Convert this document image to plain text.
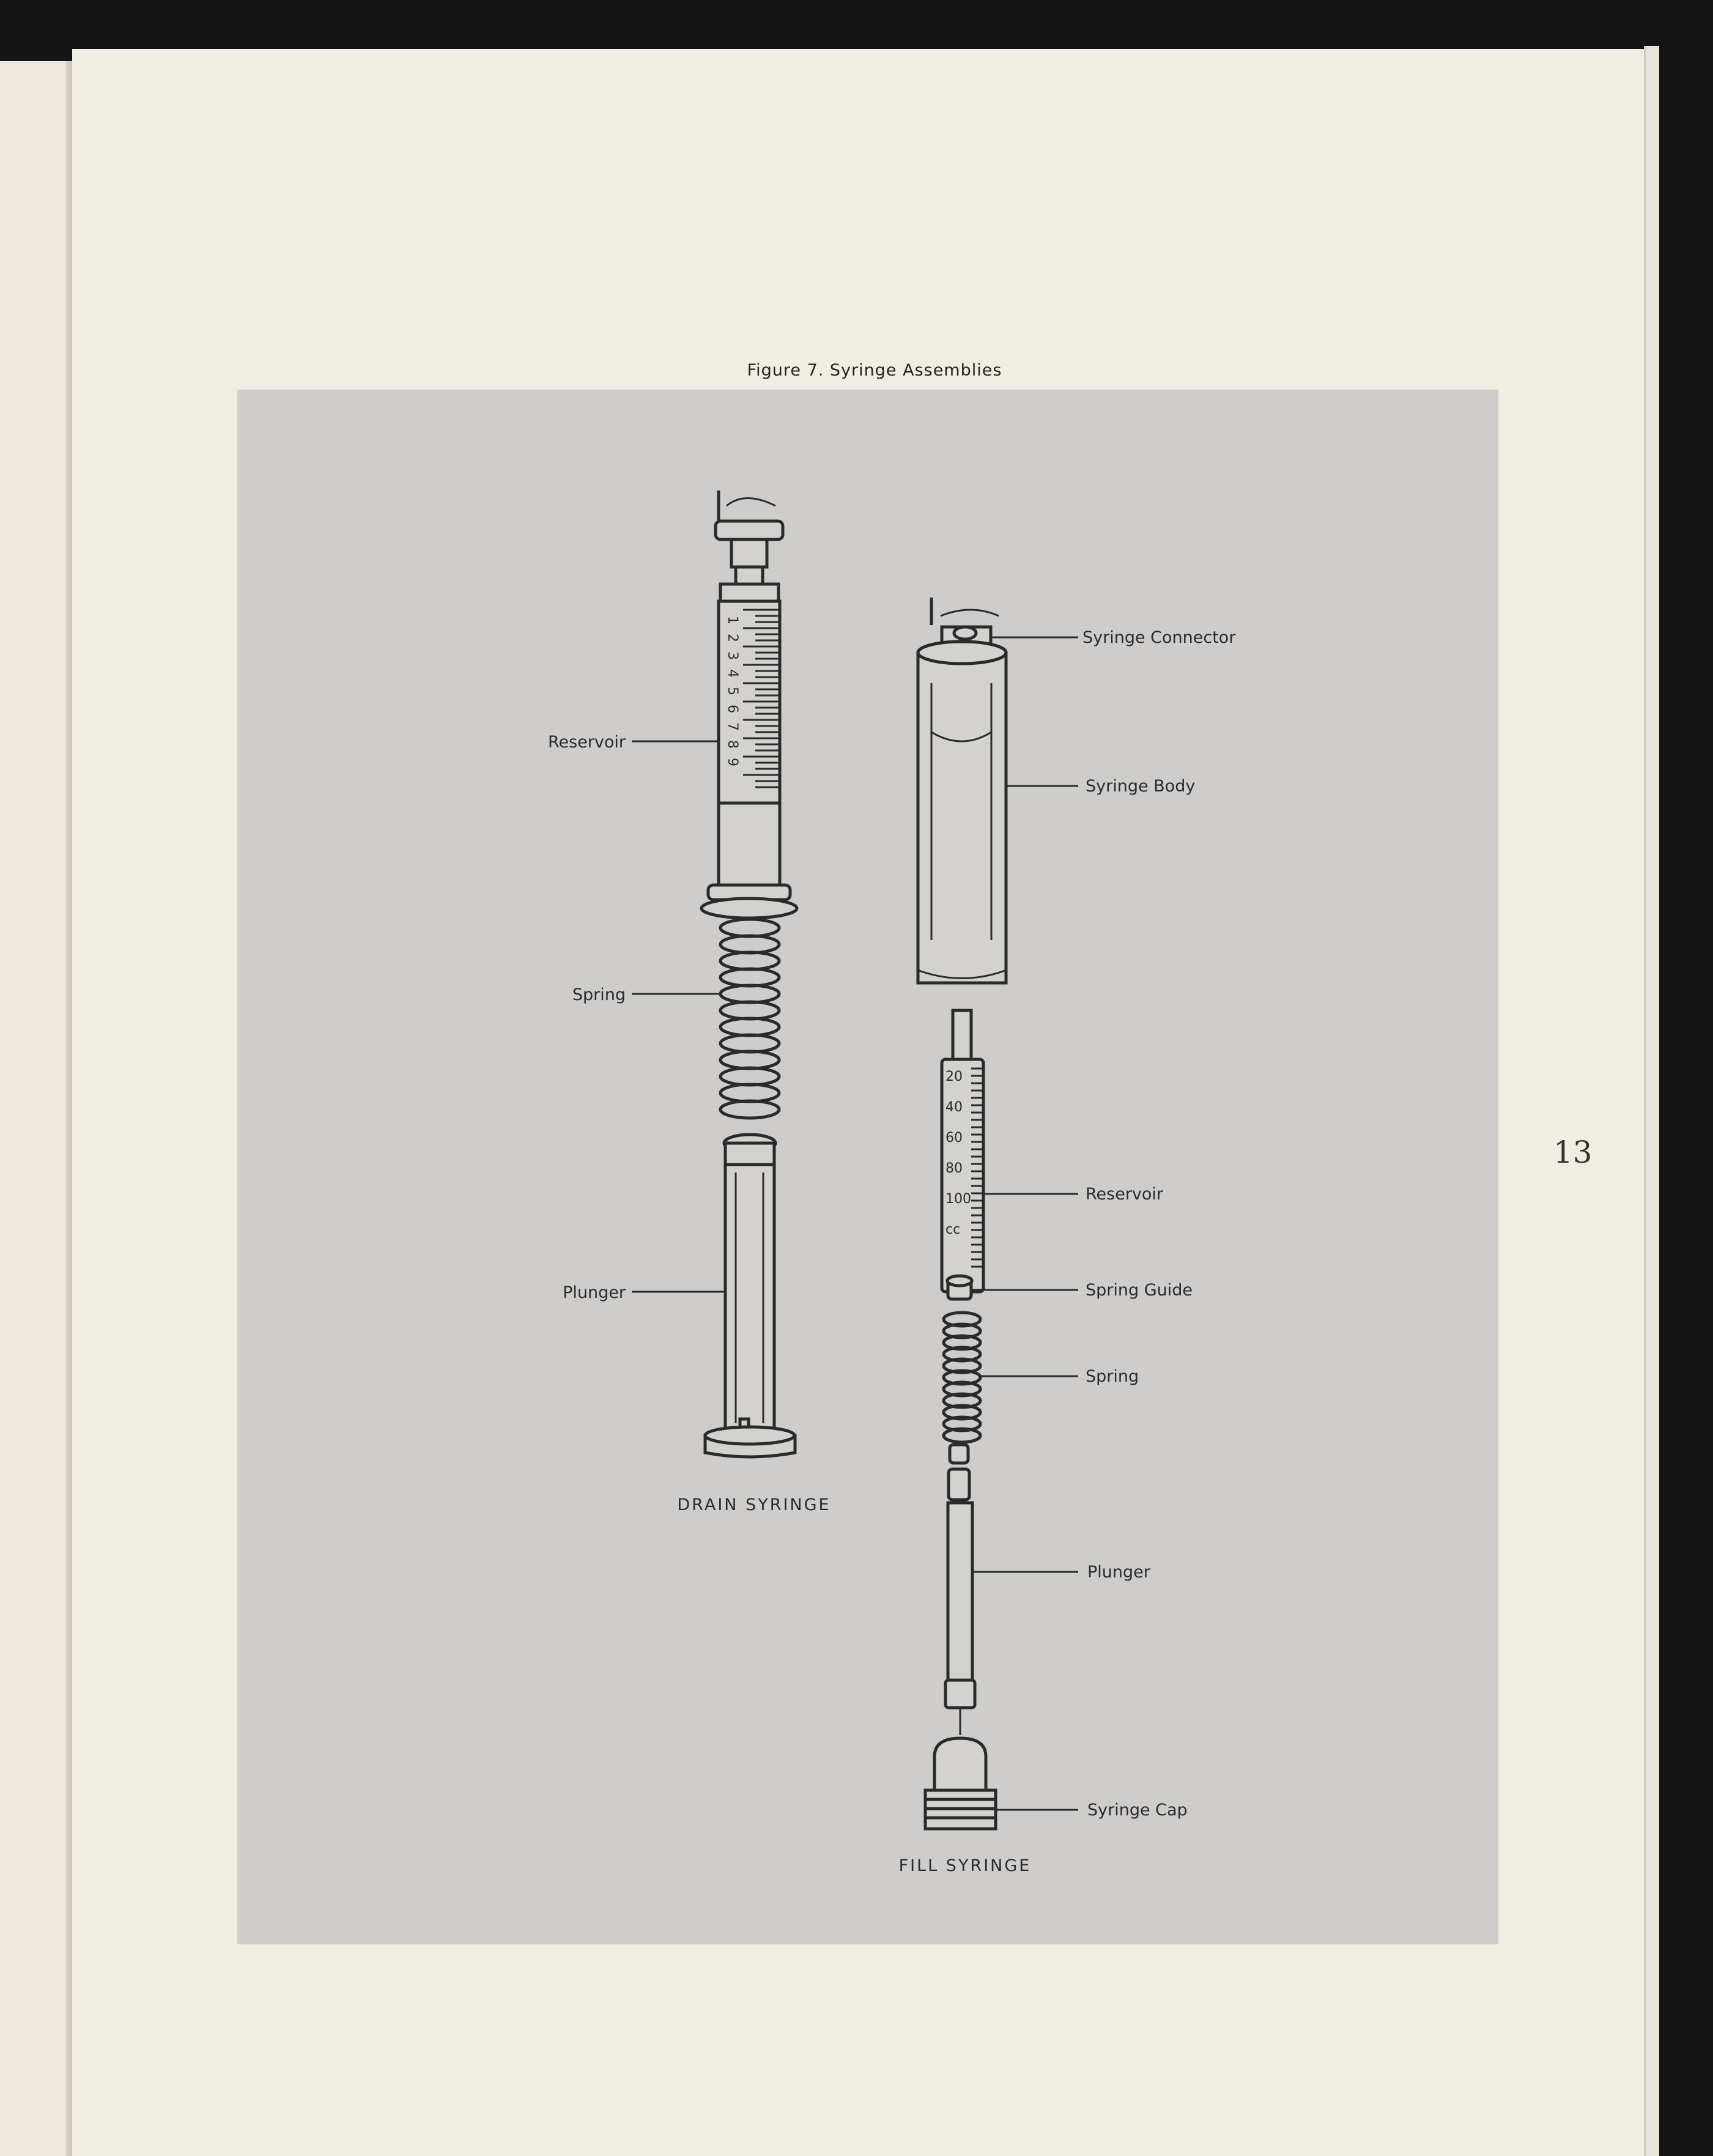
Figure 7. Syringe Assemblies
13
1
2
3
4
5
6
7
8
9
Reservoir
Spring
Plunger
DRAIN SYRINGE
20
40
60
80
100
cc
Syringe Connector
Syringe Body
Reservoir
Spring Guide
Spring
Plunger
Syringe Cap
FILL SYRINGE
